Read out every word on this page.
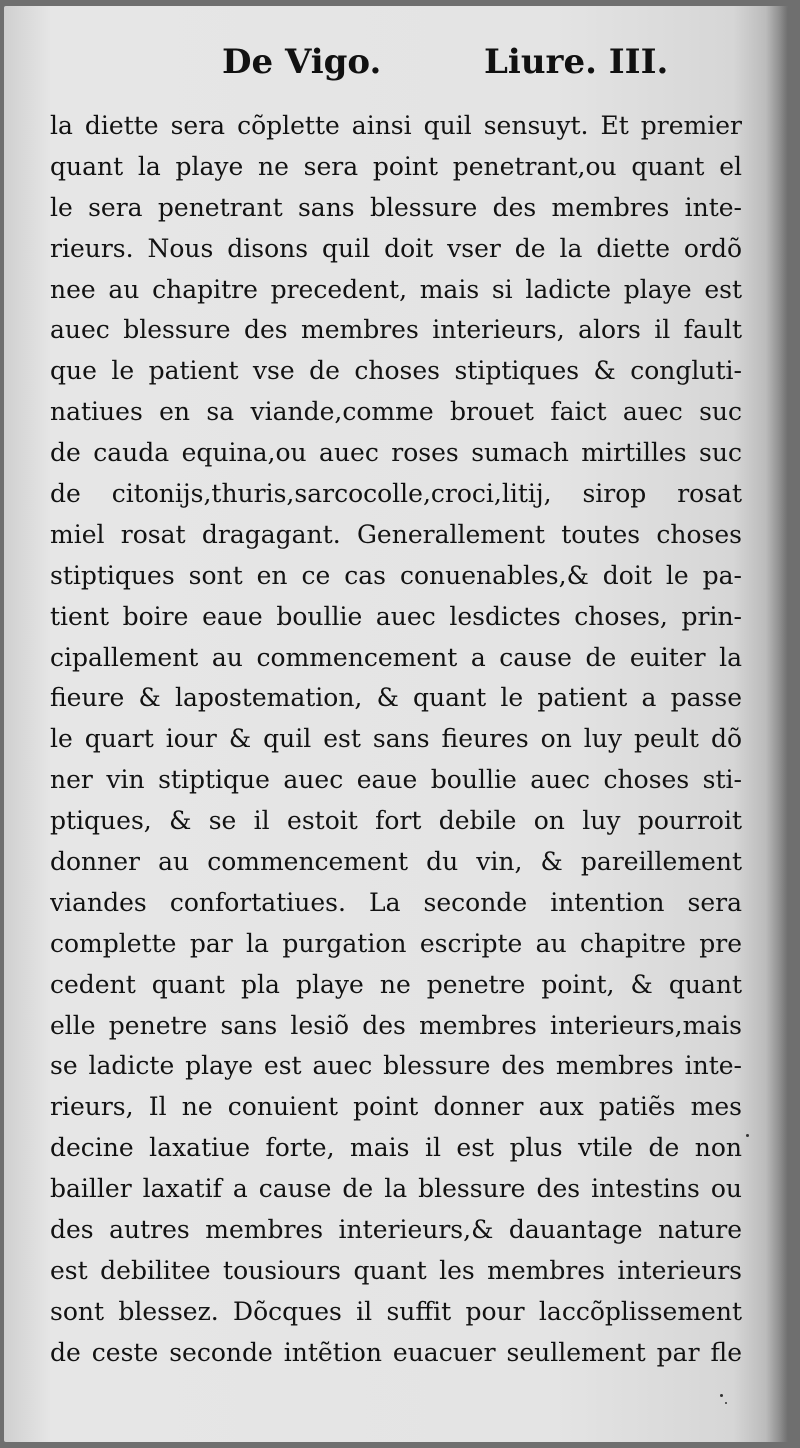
De Vigo.	Liure. III.
la diette sera cõplette ainsi quil sensuyt. Et premier
quant la playe ne sera point penetrant,ou quant el
le sera penetrant sans blessure des membres inte-
rieurs. Nous disons quil doit vser de la diette ordõ
nee au chapitre precedent, mais si ladicte playe est
auec blessure des membres interieurs, alors il fault
que le patient vse de choses stiptiques & congluti-
natiues en sa viande,comme brouet faict auec suc
de cauda equina,ou auec roses sumach mirtilles suc
de citonijs,thuris,sarcocolle,croci,litij, sirop rosat
miel rosat dragagant. Generallement toutes choses
stiptiques sont en ce cas conuenables,& doit le pa-
tient boire eaue boullie auec lesdictes choses, prin-
cipallement au commencement a cause de euiter la
fieure & lapostemation, & quant le patient a passe
le quart iour & quil est sans fieures on luy peult dõ
ner vin stiptique auec eaue boullie auec choses sti-
ptiques, & se il estoit fort debile on luy pourroit
donner au commencement du vin, & pareillement
viandes confortatiues. La seconde intention sera
complette par la purgation escripte au chapitre pre
cedent quant pla playe ne penetre point, & quant
elle penetre sans lesiõ des membres interieurs,mais
se ladicte playe est auec blessure des membres inte-
rieurs, Il ne conuient point donner aux patiẽs mes
decine laxatiue forte, mais il est plus vtile de non
bailler laxatif a cause de la blessure des intestins ou
des autres membres interieurs,& dauantage nature
est debilitee tousiours quant les membres interieurs
sont blessez. Dõcques il suffit pour laccõplissement
de ceste seconde intẽtion euacuer seullement par fle
